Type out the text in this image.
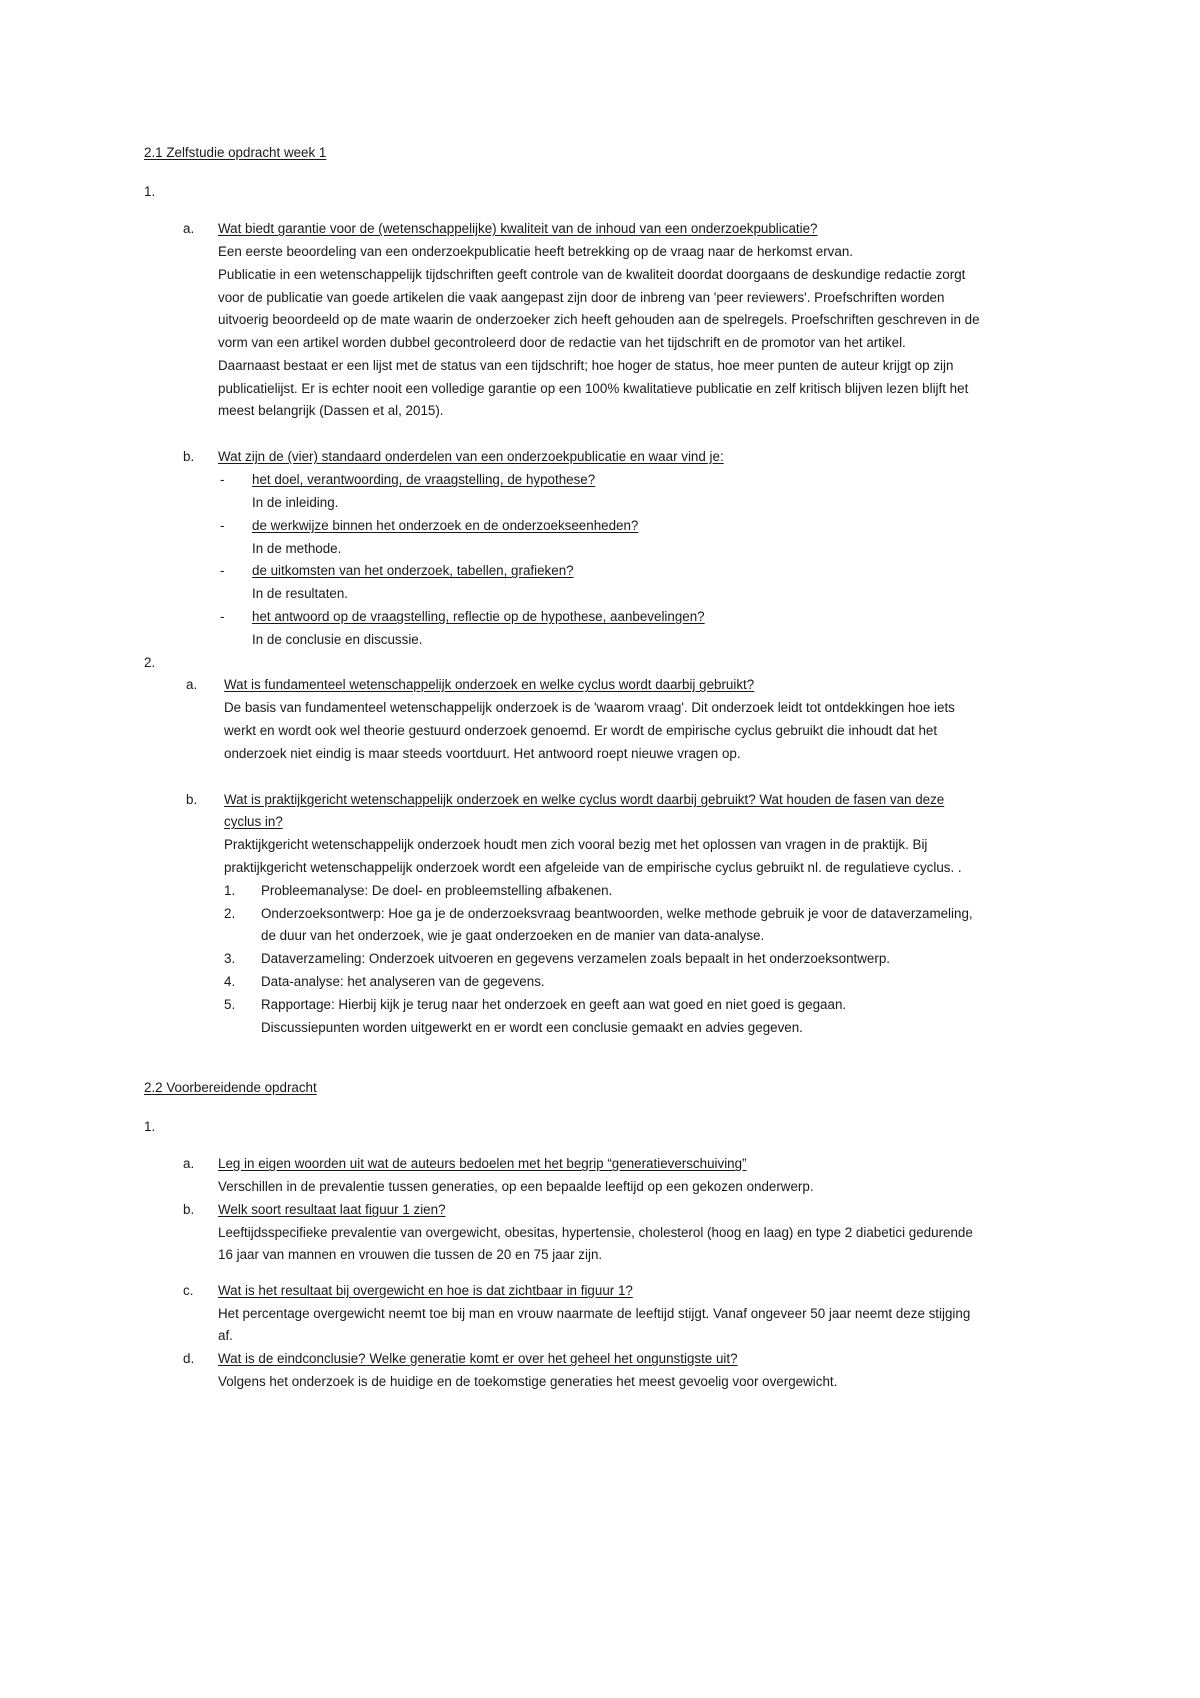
2.1 Zelfstudie opdracht week 1
1.
a. Wat biedt garantie voor de (wetenschappelijke) kwaliteit van de inhoud van een onderzoekpublicatie?
Een eerste beoordeling van een onderzoekpublicatie heeft betrekking op de vraag naar de herkomst ervan.
Publicatie in een wetenschappelijk tijdschriften geeft controle van de kwaliteit doordat doorgaans de deskundige redactie zorgt
voor de publicatie van goede artikelen die vaak aangepast zijn door de inbreng van 'peer reviewers'. Proefschriften worden
uitvoerig beoordeeld op de mate waarin de onderzoeker zich heeft gehouden aan de spelregels. Proefschriften geschreven in de
vorm van een artikel worden dubbel gecontroleerd door de redactie van het tijdschrift en de promotor van het artikel.
Daarnaast bestaat er een lijst met de status van een tijdschrift; hoe hoger de status, hoe meer punten de auteur krijgt op zijn
publicatielijst. Er is echter nooit een volledige garantie op een 100% kwalitatieve publicatie en zelf kritisch blijven lezen blijft het
meest belangrijk (Dassen et al, 2015).
b. Wat zijn de (vier) standaard onderdelen van een onderzoekpublicatie en waar vind je:
- het doel, verantwoording, de vraagstelling, de hypothese?
In de inleiding.
- de werkwijze binnen het onderzoek en de onderzoekseenheden?
In de methode.
- de uitkomsten van het onderzoek, tabellen, grafieken?
In de resultaten.
- het antwoord op de vraagstelling, reflectie op de hypothese, aanbevelingen?
In de conclusie en discussie.
2.
a. Wat is fundamenteel wetenschappelijk onderzoek en welke cyclus wordt daarbij gebruikt?
De basis van fundamenteel wetenschappelijk onderzoek is de 'waarom vraag'. Dit onderzoek leidt tot ontdekkingen hoe iets
werkt en wordt ook wel theorie gestuurd onderzoek genoemd. Er wordt de empirische cyclus gebruikt die inhoudt dat het
onderzoek niet eindig is maar steeds voortduurt. Het antwoord roept nieuwe vragen op.
b. Wat is praktijkgericht wetenschappelijk onderzoek en welke cyclus wordt daarbij gebruikt? Wat houden de fasen van deze
cyclus in?
Praktijkgericht wetenschappelijk onderzoek houdt men zich vooral bezig met het oplossen van vragen in de praktijk. Bij
praktijkgericht wetenschappelijk onderzoek wordt een afgeleide van de empirische cyclus gebruikt nl. de regulatieve cyclus. .
1. Probleemanalyse: De doel- en probleemstelling afbakenen.
2. Onderzoeksontwerp: Hoe ga je de onderzoeksvraag beantwoorden, welke methode gebruik je voor de dataverzameling,
de duur van het onderzoek, wie je gaat onderzoeken en de manier van data-analyse.
3. Dataverzameling: Onderzoek uitvoeren en gegevens verzamelen zoals bepaalt in het onderzoeksontwerp.
4. Data-analyse: het analyseren van de gegevens.
5. Rapportage: Hierbij kijk je terug naar het onderzoek en geeft aan wat goed en niet goed is gegaan.
Discussiepunten worden uitgewerkt en er wordt een conclusie gemaakt en advies gegeven.
2.2 Voorbereidende opdracht
1.
a. Leg in eigen woorden uit wat de auteurs bedoelen met het begrip “generatieverschuiving”
Verschillen in de prevalentie tussen generaties, op een bepaalde leeftijd op een gekozen onderwerp.
b. Welk soort resultaat laat figuur 1 zien?
Leeftijdsspecifieke prevalentie van overgewicht, obesitas, hypertensie, cholesterol (hoog en laag) en type 2 diabetici gedurende
16 jaar van mannen en vrouwen die tussen de 20 en 75 jaar zijn.
c. Wat is het resultaat bij overgewicht en hoe is dat zichtbaar in figuur 1?
Het percentage overgewicht neemt toe bij man en vrouw naarmate de leeftijd stijgt. Vanaf ongeveer 50 jaar neemt deze stijging
af.
d. Wat is de eindconclusie? Welke generatie komt er over het geheel het ongunstigste uit?
Volgens het onderzoek is de huidige en de toekomstige generaties het meest gevoelig voor overgewicht.
